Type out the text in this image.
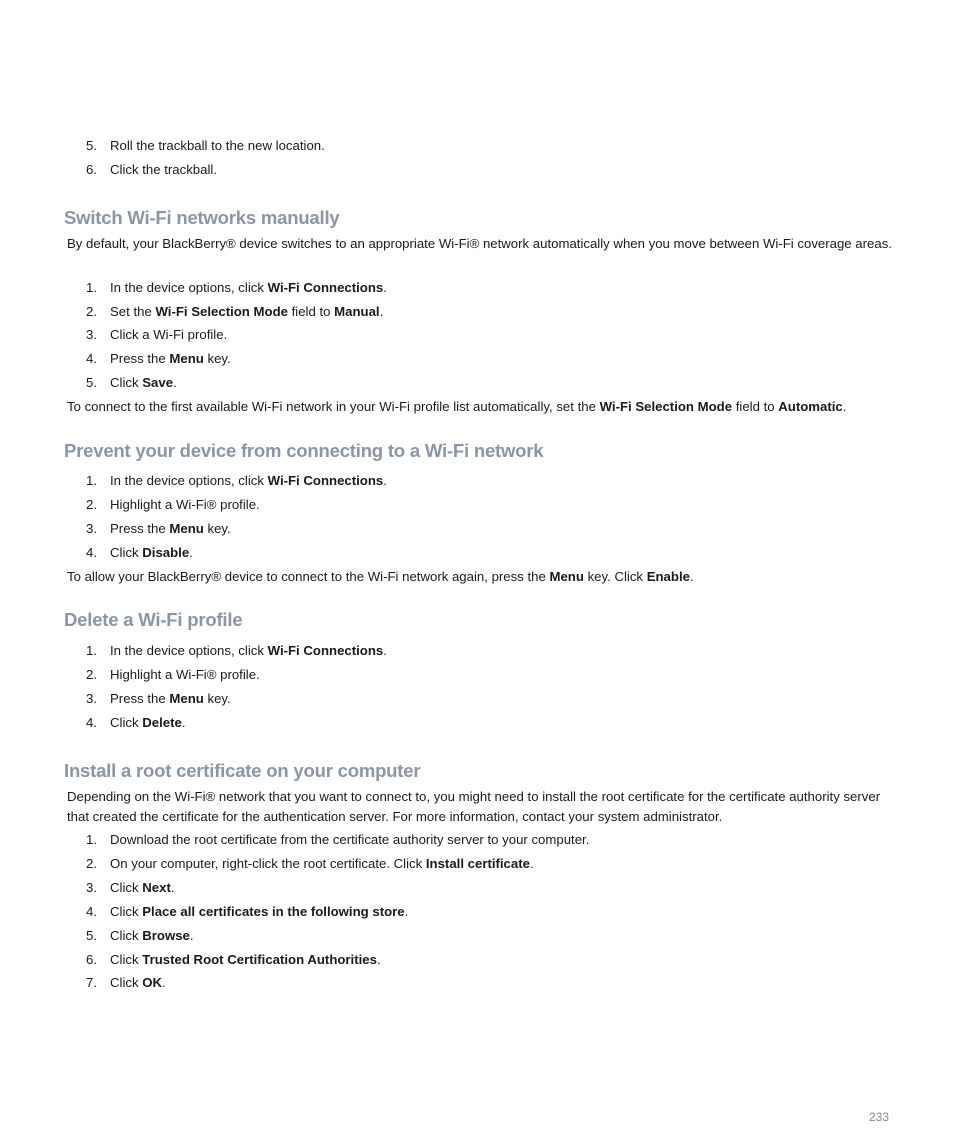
5. Roll the trackball to the new location.
6. Click the trackball.
Switch Wi-Fi networks manually

By default, your BlackBerry® device switches to an appropriate Wi-Fi® network automatically when you move between Wi-Fi coverage areas.

1. In the device options, click Wi-Fi Connections.
2. Set the Wi-Fi Selection Mode field to Manual.
3. Click a Wi-Fi profile.
4. Press the Menu key.
5. Click Save.

To connect to the first available Wi-Fi network in your Wi-Fi profile list automatically, set the Wi-Fi Selection Mode field to Automatic.

Prevent your device from connecting to a Wi-Fi network
1. In the device options, click Wi-Fi Connections.
2. Highlight a Wi-Fi® profile.
3. Press the Menu key.
4. Click Disable.

To allow your BlackBerry® device to connect to the Wi-Fi network again, press the Menu key. Click Enable.

Delete a Wi-Fi profile
1. In the device options, click Wi-Fi Connections.
2. Highlight a Wi-Fi® profile.
3. Press the Menu key.
4. Click Delete.
Install a root certificate on your computer

Depending on the Wi-Fi® network that you want to connect to, you might need to install the root certificate for the certificate authority server that created the certificate for the authentication server. For more information, contact your system administrator.

1. Download the root certificate from the certificate authority server to your computer.
2. On your computer, right-click the root certificate. Click Install certificate.
3. Click Next.
4. Click Place all certificates in the following store.
5. Click Browse.
6. Click Trusted Root Certification Authorities.
7. Click OK.
233
